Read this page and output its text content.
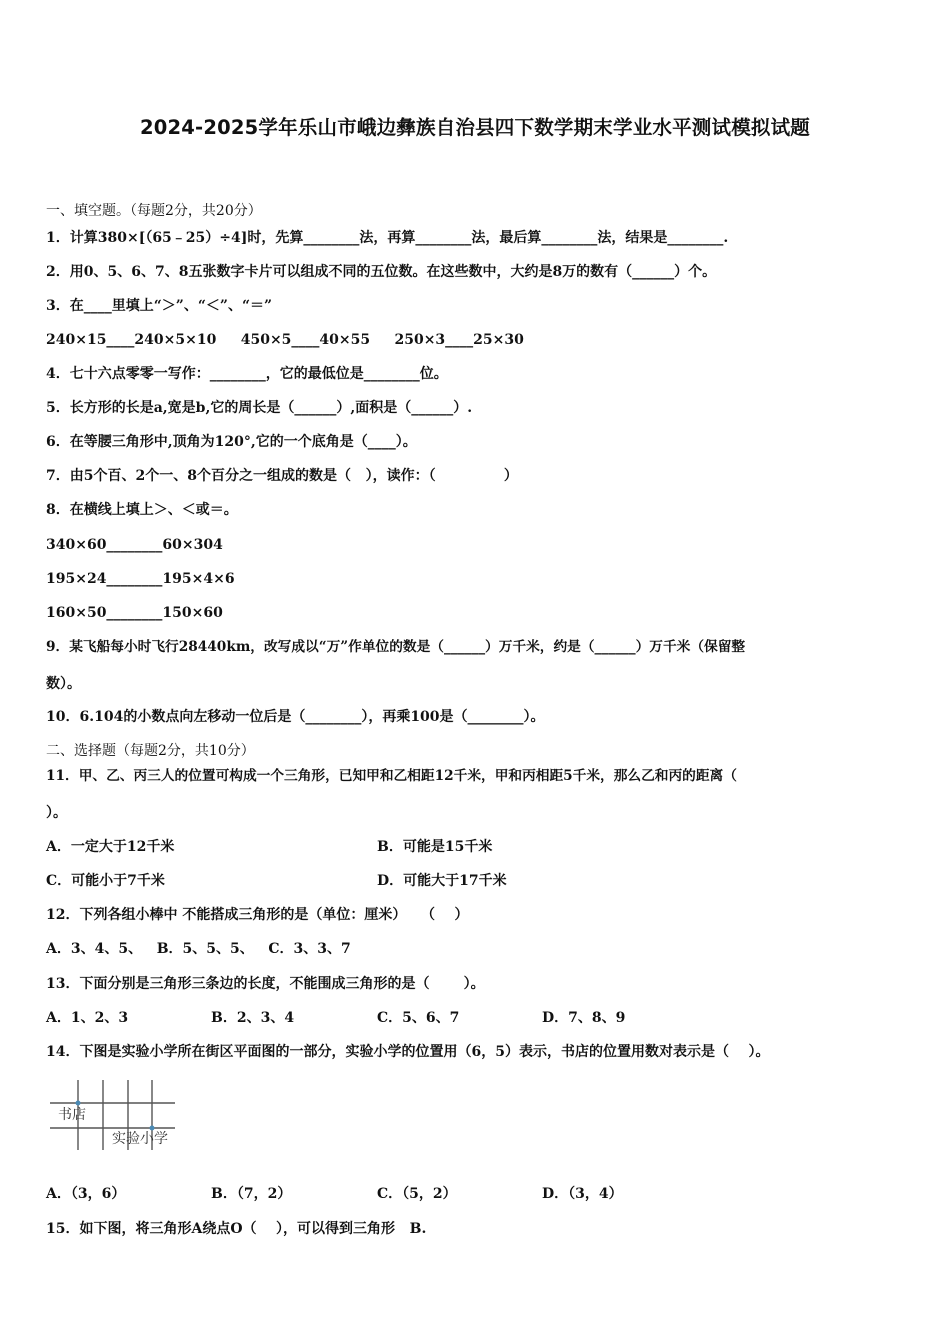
2024-2025学年乐山市峨边彝族自治县四下数学期末学业水平测试模拟试题
一、填空题。（每题2分，共20分）
1．计算380×[（65﹣25）÷4]时，先算________法，再算________法，最后算________法，结果是________.
2．用0、5、6、7、8五张数字卡片可以组成不同的五位数。在这些数中，大约是8万的数有（______）个。
3．在____里填上“＞”、“＜”、“＝”
240×15____240×5×10     450×5____40×55     250×3____25×30
4．七十六点零零一写作：________，它的最低位是________位。
5．长方形的长是a,宽是b,它的周长是（______）,面积是（______）.
6．在等腰三角形中,顶角为120°,它的一个底角是（____）。
7．由5个百、2个一、8个百分之一组成的数是（   ），读作：（              ）
8．在横线上填上＞、＜或＝。
340×60________60×304
195×24________195×4×6
160×50________150×60
9．某飞船每小时飞行28440km，改写成以“万”作单位的数是（______）万千米，约是（______）万千米（保留整
数）。
10．6.104的小数点向左移动一位后是（________），再乘100是（________）。
二、选择题（每题2分，共10分）
11．甲、乙、丙三人的位置可构成一个三角形，已知甲和乙相距12千米，甲和丙相距5千米，那么乙和丙的距离（
）。
A．一定大于12千米	B．可能是15千米
C．可能小于7千米	D．可能大于17千米
12．下列各组小棒中 不能搭成三角形的是（单位：厘米）   （    ）
A．3、4、5、   B．5、5、5、   C．3、3、7
13．下面分别是三角形三条边的长度，不能围成三角形的是（       ）。
A．1、2、3	B．2、3、4	C．5、6、7	D．7、8、9
14．下图是实验小学所在街区平面图的一部分，实验小学的位置用（6，5）表示，书店的位置用数对表示是（    ）。
书店
实验小学
A．（3，6）	B．（7，2）	C．（5，2）	D．（3，4）
15．如下图，将三角形A绕点O（    ），可以得到三角形   B.
